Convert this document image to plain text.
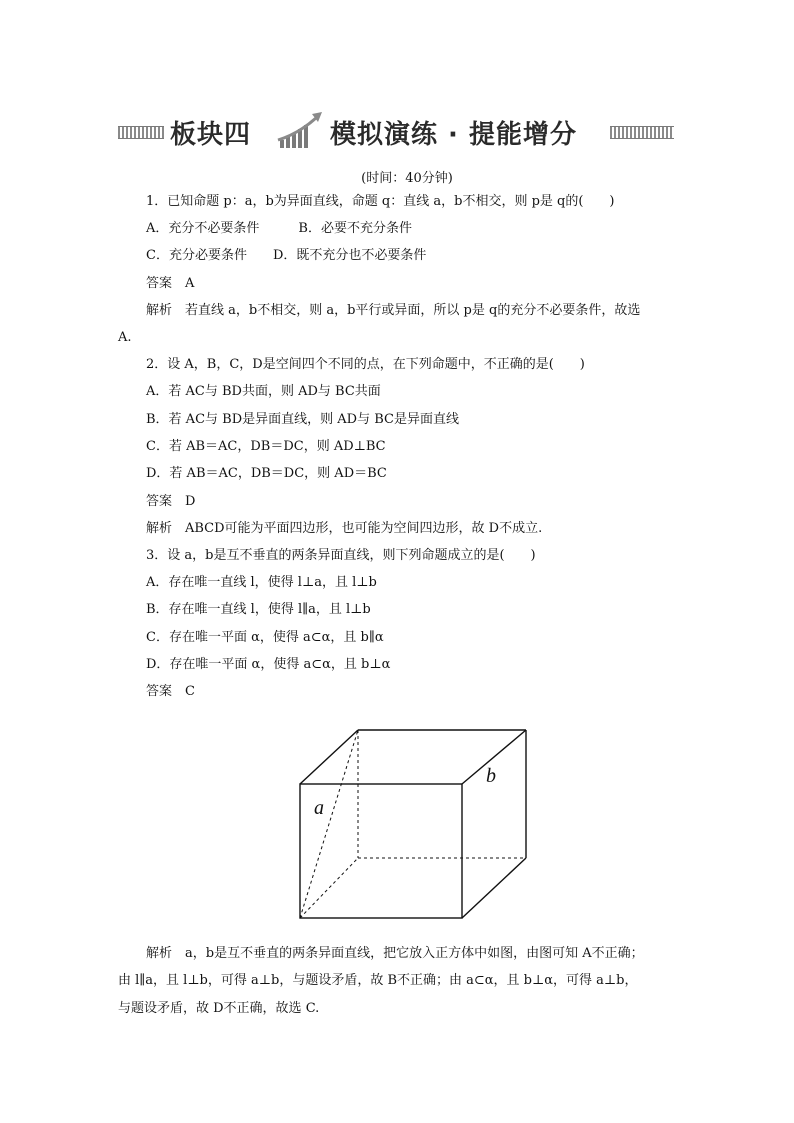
板块四	模拟演练 · 提能增分
(时间：40分钟)
1．已知命题 p：a，b为异面直线，命题 q：直线 a，b不相交，则 p是 q的(　　)
A．充分不必要条件　　　B．必要不充分条件
C．充分必要条件　　D．既不充分也不必要条件
答案　A
解析　若直线 a，b不相交，则 a，b平行或异面，所以 p是 q的充分不必要条件，故选
A.
2．设 A，B，C，D是空间四个不同的点，在下列命题中，不正确的是(　　)
A．若 AC与 BD共面，则 AD与 BC共面
B．若 AC与 BD是异面直线，则 AD与 BC是异面直线
C．若 AB＝AC，DB＝DC，则 AD⊥BC
D．若 AB＝AC，DB＝DC，则 AD＝BC
答案　D
解析　ABCD可能为平面四边形，也可能为空间四边形，故 D不成立.
3．设 a，b是互不垂直的两条异面直线，则下列命题成立的是(　　)
A．存在唯一直线 l，使得 l⊥a，且 l⊥b
B．存在唯一直线 l，使得 l∥a，且 l⊥b
C．存在唯一平面 α，使得 a⊂α，且 b∥α
D．存在唯一平面 α，使得 a⊂α，且 b⊥α
答案　C
a
b
解析　a，b是互不垂直的两条异面直线，把它放入正方体中如图，由图可知 A不正确；
由 l∥a，且 l⊥b，可得 a⊥b，与题设矛盾，故 B不正确；由 a⊂α，且 b⊥α，可得 a⊥b，
与题设矛盾，故 D不正确，故选 C.
